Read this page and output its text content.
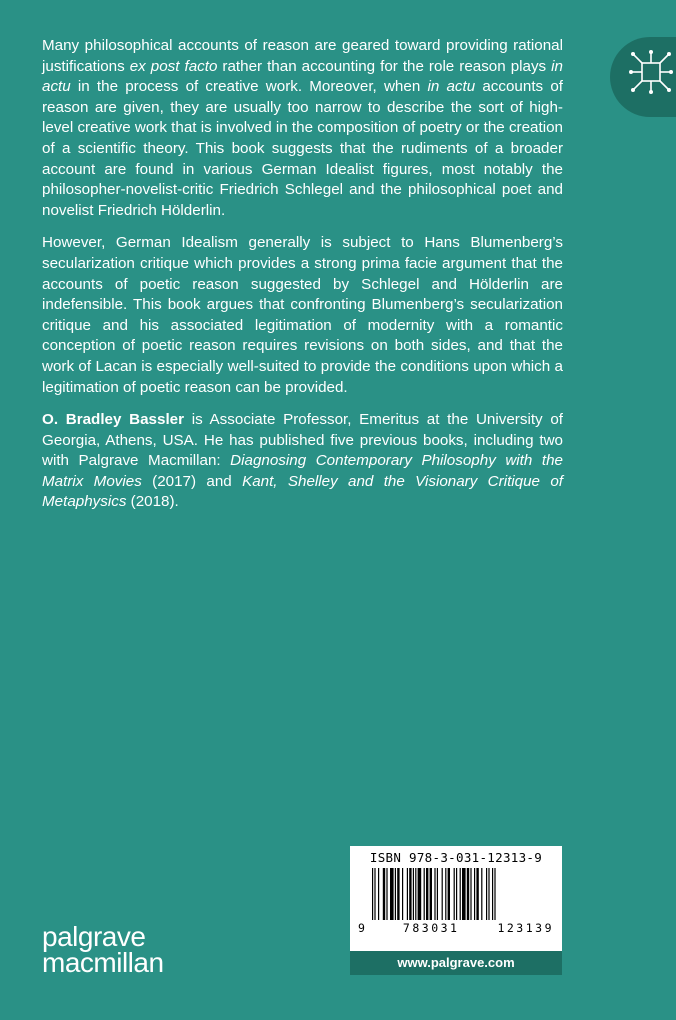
Many philosophical accounts of reason are geared toward providing rational justifications ex post facto rather than accounting for the role reason plays in actu in the process of creative work. Moreover, when in actu accounts of reason are given, they are usually too narrow to describe the sort of high-level creative work that is involved in the composition of poetry or the creation of a scientific theory. This book suggests that the rudiments of a broader account are found in various German Idealist figures, most notably the philosopher-novelist-critic Friedrich Schlegel and the philosophical poet and novelist Friedrich Hölderlin.

However, German Idealism generally is subject to Hans Blumenberg’s secularization critique which provides a strong prima facie argument that the accounts of poetic reason suggested by Schlegel and Hölderlin are indefensible. This book argues that confronting Blumenberg’s secularization critique and his associated legitimation of modernity with a romantic conception of poetic reason requires revisions on both sides, and that the work of Lacan is especially well-suited to provide the conditions upon which a legitimation of poetic reason can be provided.

O. Bradley Bassler is Associate Professor, Emeritus at the University of Georgia, Athens, USA. He has published five previous books, including two with Palgrave Macmillan: Diagnosing Contemporary Philosophy with the Matrix Movies (2017) and Kant, Shelley and the Visionary Critique of Metaphysics (2018).

ISBN 978-3-031-12313-9
9	783031	123139
www.palgrave.com
palgrave
macmillan
